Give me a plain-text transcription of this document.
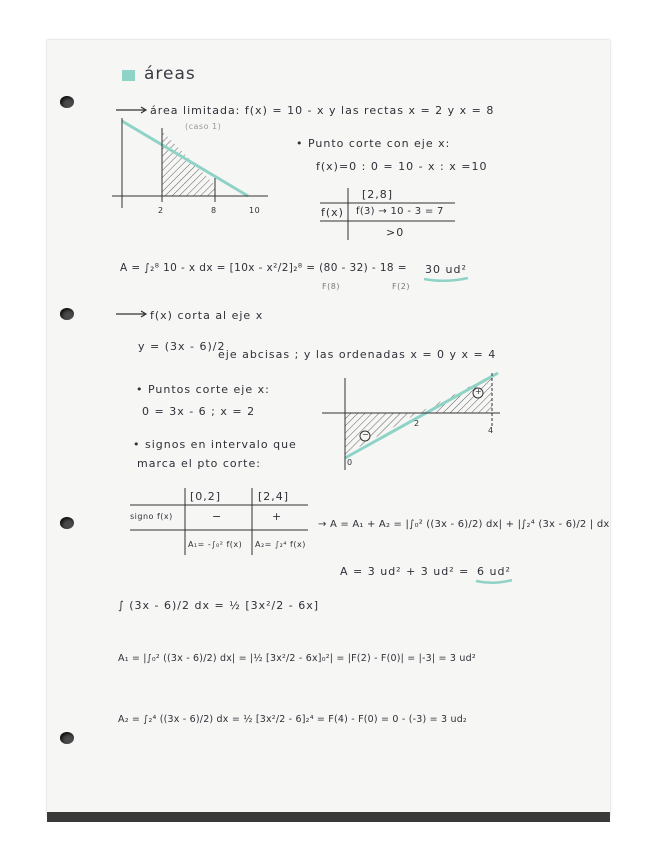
áreas
área limitada: f(x) = 10 - x y las rectas x = 2 y x = 8
(caso 1)
• Punto corte con eje x:
f(x)=0 : 0 = 10 - x : x =10
2	8	10
[2,8]
f(x) f(3) → 10 - 3 = 7
>0
A = ∫₂⁸ 10 - x dx = [10x - x²/2]₂⁸ = (80 - 32) - 18 = 30 ud²
F(8)	F(2)
f(x) corta al eje x
y = (3x - 6)/2
eje abcisas ; y las ordenadas x = 0 y x = 4
• Puntos corte eje x:
0 = 3x - 6 ; x = 2
• signos en intervalo que
marca el pto corte:	0
2
4
−
+
[0,2]	[2,4]
signo f(x)	−	+
A₁= -∫₀² f(x) A₂= ∫₂⁴ f(x)
→ A = A₁ + A₂ = |∫₀² ((3x - 6)/2) dx| + |∫₂⁴ (3x - 6)/2 | dx
A = 3 ud² + 3 ud² = 6 ud²
∫ (3x - 6)/2 dx = ½ [3x²/2 - 6x]
A₁ = |∫₀² ((3x - 6)/2) dx| = |½ [3x²/2 - 6x]₀²| = |F(2) - F(0)| = |-3| = 3 ud²
A₂ = ∫₂⁴ ((3x - 6)/2) dx = ½ [3x²/2 - 6]₂⁴ = F(4) - F(0) = 0 - (-3) = 3 ud₂
